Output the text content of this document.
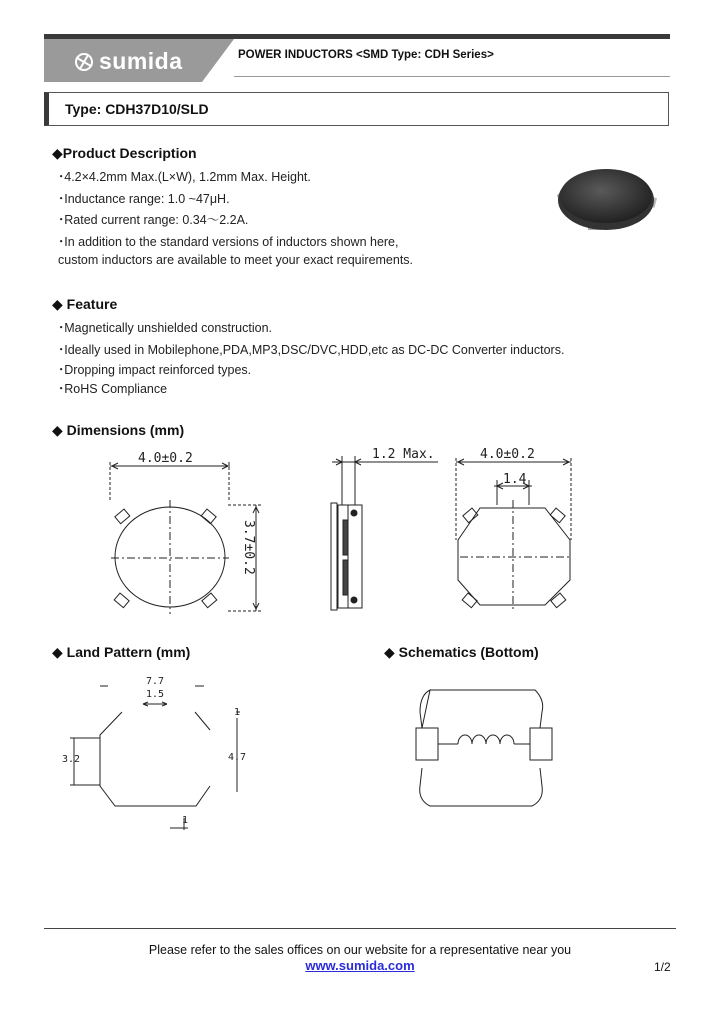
sumida	POWER INDUCTORS <SMD Type: CDH Series>
Type: CDH37D10/SLD
◆Product Description
･4.2×4.2mm Max.(L×W), 1.2mm Max. Height.
･Inductance range: 1.0 ~47μH.
･Rated current range: 0.34～2.2A.
･In addition to the standard versions of inductors shown here,
custom inductors are available to meet your exact requirements.
◆ Feature
･Magnetically unshielded construction.
･Ideally used in Mobilephone,PDA,MP3,DSC/DVC,HDD,etc as DC-DC Converter inductors.
･Dropping impact reinforced types.
･RoHS Compliance
◆ Dimensions (mm)
4.0±0.2
3.7±0.2
1.2 Max.	4.0±0.2
1.4
◆ Land Pattern (mm)	◆ Schematics (Bottom)
7.7
1.5
3.2	4.7
1
1
Please refer to the sales offices on our website for a representative near you
www.sumida.com	1/2
